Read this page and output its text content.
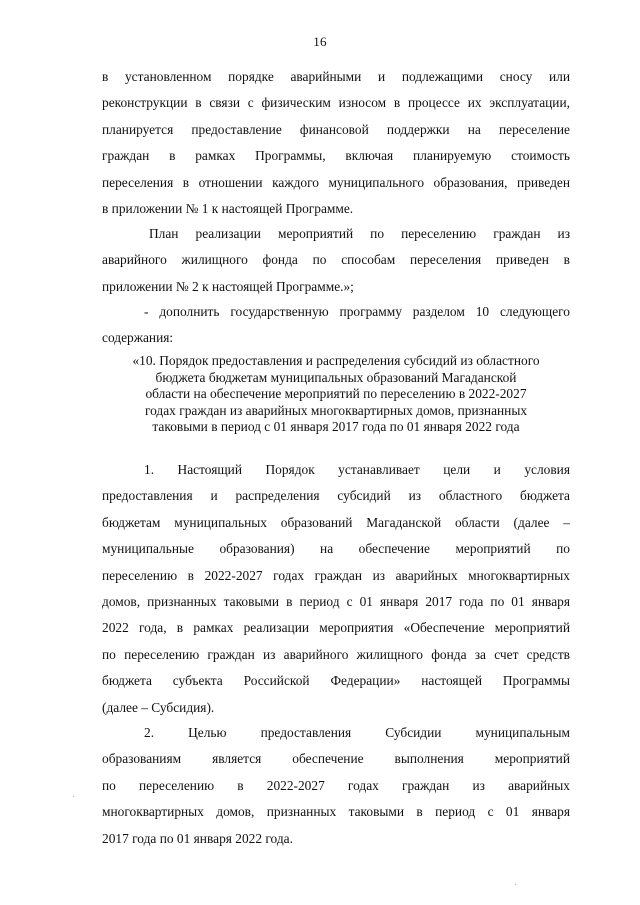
16
в установленном порядке аварийными и подлежащими сносу или
реконструкции в связи с физическим износом в процессе их эксплуатации,
планируется предоставление финансовой поддержки на переселение
граждан в рамках Программы, включая планируемую стоимость
переселения в отношении каждого муниципального образования, приведен
в приложении № 1 к настоящей Программе.
План реализации мероприятий по переселению граждан из
аварийного жилищного фонда по способам переселения приведен в
приложении № 2 к настоящей Программе.»;
- дополнить государственную программу разделом 10 следующего
содержания:
«10. Порядок предоставления и распределения субсидий из областного
бюджета бюджетам муниципальных образований Магаданской
области на обеспечение мероприятий по переселению в 2022-2027
годах граждан из аварийных многоквартирных домов, признанных
таковыми в период с 01 января 2017 года по 01 января 2022 года
1. Настоящий Порядок устанавливает цели и условия
предоставления и распределения субсидий из областного бюджета
бюджетам муниципальных образований Магаданской области (далее –
муниципальные образования) на обеспечение мероприятий по
переселению в 2022-2027 годах граждан из аварийных многоквартирных
домов, признанных таковыми в период с 01 января 2017 года по 01 января
2022 года, в рамках реализации мероприятия «Обеспечение мероприятий
по переселению граждан из аварийного жилищного фонда за счет средств
бюджета субъекта Российской Федерации» настоящей Программы
(далее – Субсидия).
2. Целью предоставления Субсидии муниципальным
образованиям является обеспечение выполнения мероприятий
по переселению в 2022-2027 годах граждан из аварийных
многоквартирных домов, признанных таковыми в период с 01 января
2017 года по 01 января 2022 года.
·
·
